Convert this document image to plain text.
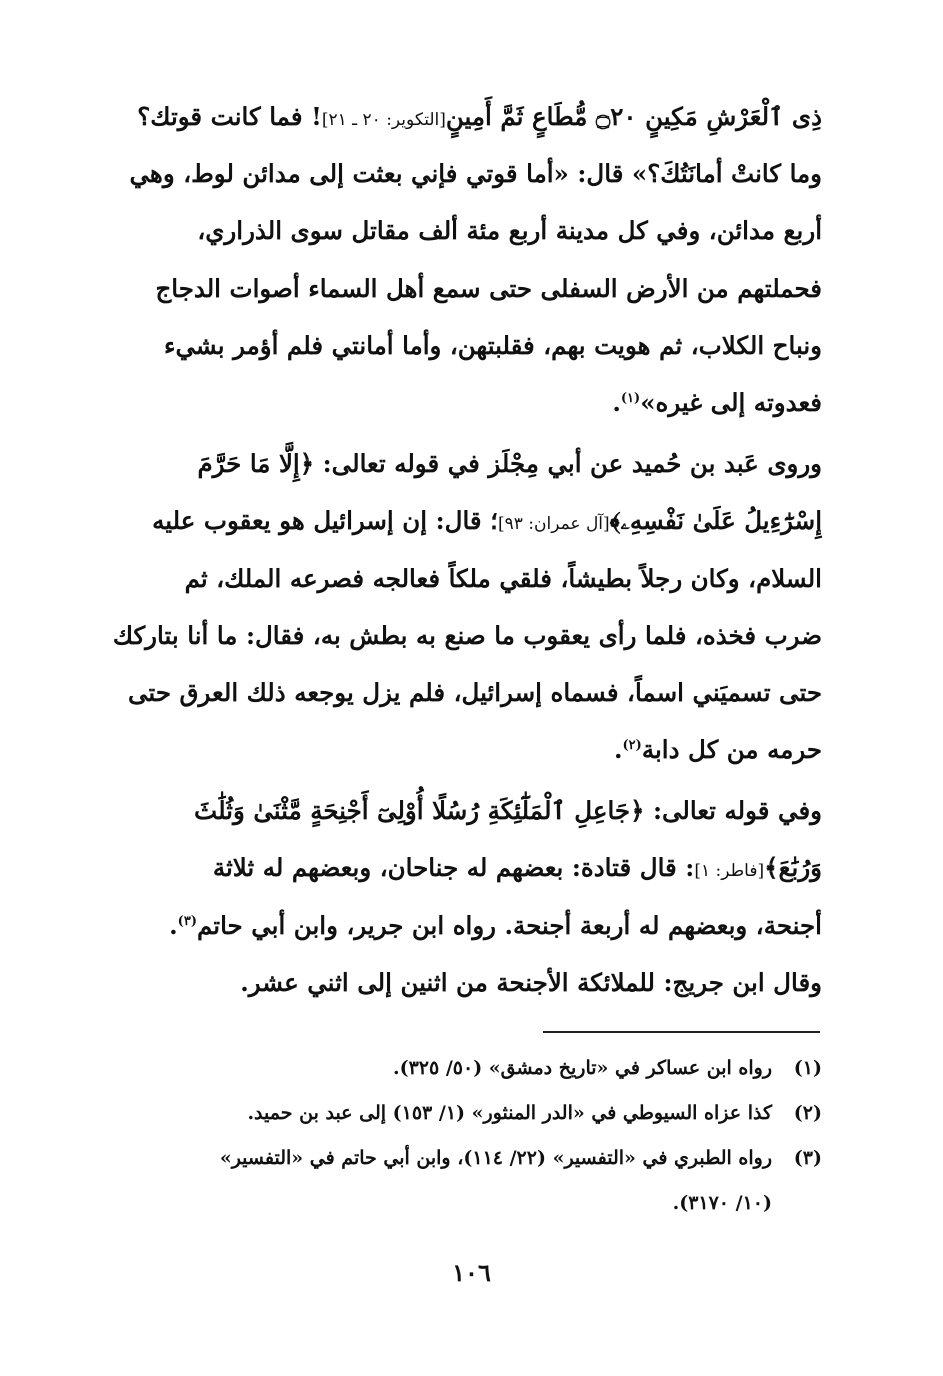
ذِى ٱلْعَرْشِ مَكِينٍ ۝٢٠ مُّطَاعٍ ثَمَّ أَمِينٍ[التكوير: ٢٠ ـ ٢١]! فما كانت قوتك؟
وما كانتْ أمانَتُكَ؟» قال: «أما قوتي فإني بعثت إلى مدائن لوط، وهي
أربع مدائن، وفي كل مدينة أربع مئة ألف مقاتل سوى الذراري،
فحملتهم من الأرض السفلى حتى سمع أهل السماء أصوات الدجاج
ونباح الكلاب، ثم هويت بهم، فقلبتهن، وأما أمانتي فلم أؤمر بشيء
فعدوته إلى غيره»$^{(١)}$.
وروى عَبد بن حُميد عن أبي مِجْلَز في قوله تعالى: ﴿إِلَّا مَا حَرَّمَ
إِسْرَٰٓءِيلُ عَلَىٰ نَفْسِهِۦ﴾[آل عمران: ٩٣]؛ قال: إن إسرائيل هو يعقوب عليه
السلام، وكان رجلاً بطيشاً، فلقي ملكاً فعالجه فصرعه الملك، ثم
ضرب فخذه، فلما رأى يعقوب ما صنع به بطش به، فقال: ما أنا بتاركك
حتى تسميَني اسماً، فسماه إسرائيل، فلم يزل يوجعه ذلك العرق حتى
حرمه من كل دابة$^{(٢)}$.
وفي قوله تعالى: ﴿جَاعِلِ ٱلْمَلَٰٓئِكَةِ رُسُلًا أُوْلِىٓ أَجْنِحَةٍ مَّثْنَىٰ وَثُلَٰثَ
وَرُبَٰعَ﴾[فاطر: ١]: قال قتادة: بعضهم له جناحان، وبعضهم له ثلاثة
أجنحة، وبعضهم له أربعة أجنحة. رواه ابن جرير، وابن أبي حاتم$^{(٣)}$.
وقال ابن جريج: للملائكة الأجنحة من اثنين إلى اثني عشر.
(١)
رواه ابن عساكر في «تاريخ دمشق» (٥٠/ ٣٢٥).
(٢)
كذا عزاه السيوطي في «الدر المنثور» (١/ ١٥٣) إلى عبد بن حميد.
(٣)
رواه الطبري في «التفسير» (٢٢/ ١١٤)، وابن أبي حاتم في «التفسير»
(١٠/ ٣١٧٠).
١٠٦
